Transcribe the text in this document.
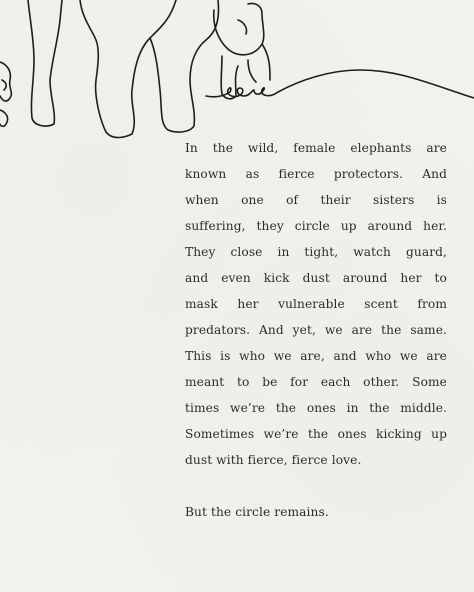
In the wild, female elephants are
known as fierce protectors. And
when one of their sisters is
suffering, they circle up around her.
They close in tight, watch guard,
and even kick dust around her to
mask her vulnerable scent from
predators. And yet, we are the same.
This is who we are, and who we are
meant to be for each other. Some
times we’re the ones in the middle.
Sometimes we’re the ones kicking up
dust with fierce, fierce love.
But the circle remains.
